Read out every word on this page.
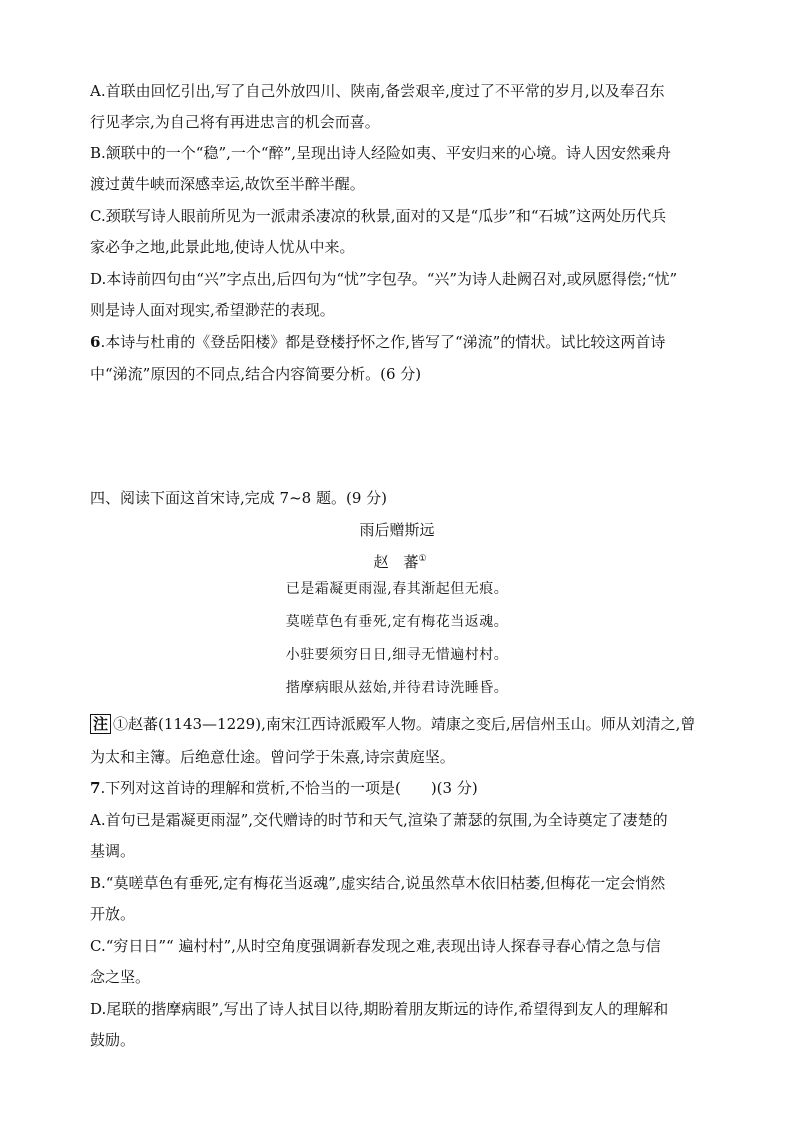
A.首联由回忆引出,写了自己外放四川、陕南,备尝艰辛,度过了不平常的岁月,以及奉召东
行见孝宗,为自己将有再进忠言的机会而喜。
B.颔联中的一个“稳”,一个“醉”,呈现出诗人经险如夷、平安归来的心境。诗人因安然乘舟
渡过黄牛峡而深感幸运,故饮至半醉半醒。
C.颈联写诗人眼前所见为一派肃杀凄凉的秋景,面对的又是“瓜步”和“石城”这两处历代兵
家必争之地,此景此地,使诗人忧从中来。
D.本诗前四句由“兴”字点出,后四句为“忧”字包孕。“兴”为诗人赴阙召对,或夙愿得偿;“忧”
则是诗人面对现实,希望渺茫的表现。
6.本诗与杜甫的《登岳阳楼》都是登楼抒怀之作,皆写了“涕流”的情状。试比较这两首诗
中“涕流”原因的不同点,结合内容简要分析。(6 分)
四、阅读下面这首宋诗,完成 7~8 题。(9 分)
雨后赠斯远
赵　蕃①
已是霜凝更雨湿,春其渐起但无痕。
莫嗟草色有垂死,定有梅花当返魂。
小驻要须穷日日,细寻无惜遍村村。
揩摩病眼从兹始,并待君诗洗睡昏。
注 ①赵蕃(1143—1229),南宋江西诗派殿军人物。靖康之变后,居信州玉山。师从刘清之,曾
为太和主簿。后绝意仕途。曾问学于朱熹,诗宗黄庭坚。
7.下列对这首诗的理解和赏析,不恰当的一项是(　　)(3 分)
A.首句已是霜凝更雨湿”,交代赠诗的时节和天气,渲染了萧瑟的氛围,为全诗奠定了凄楚的
基调。
B.“莫嗟草色有垂死,定有梅花当返魂”,虚实结合,说虽然草木依旧枯萎,但梅花一定会悄然
开放。
C.“穷日日”“ 遍村村”,从时空角度强调新春发现之难,表现出诗人探春寻春心情之急与信
念之坚。
D.尾联的揩摩病眼”,写出了诗人拭目以待,期盼着朋友斯远的诗作,希望得到友人的理解和
鼓励。
